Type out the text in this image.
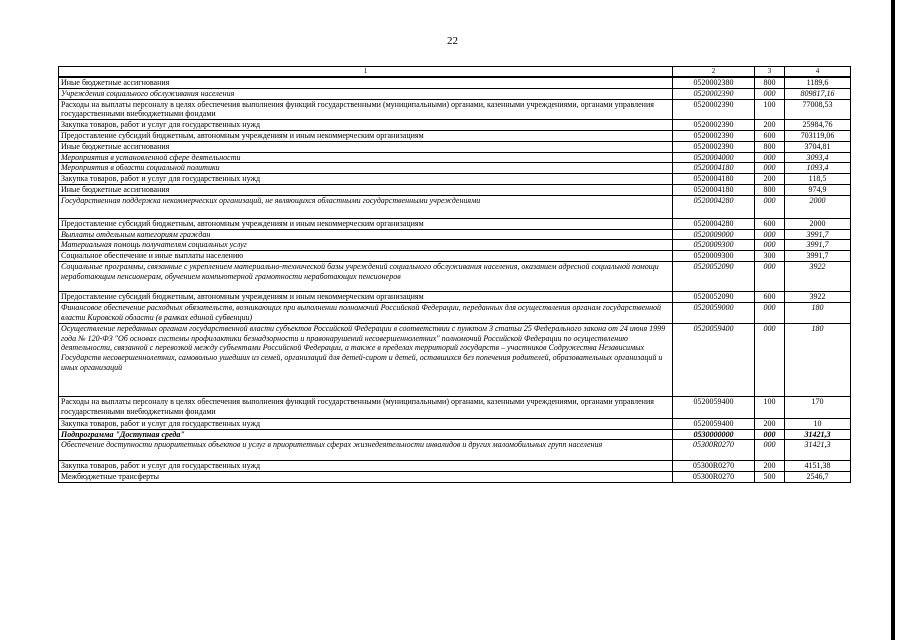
22
1	2	3	4
Иные бюджетные ассигнования	0520002380	800	1189,6
Учреждения социального обслуживания населения	0520002390	000	809817,16
Расходы на выплаты персоналу в целях обеспечения выполнения функций государственными (муниципальными) органами, казенными учреждениями, органами управления государственными внебюджетными фондами	0520002390	100	77008,53
Закупка товаров, работ и услуг для государственных нужд	0520002390	200	25984,76
Предоставление субсидий бюджетным, автономным учреждениям и иным некоммерческим организациям	0520002390	600	703119,06
Иные бюджетные ассигнования	0520002390	800	3704,81
Мероприятия в установленной сфере деятельности	0520004000	000	3093,4
Мероприятия в области социальной политики	0520004180	000	1093,4
Закупка товаров, работ и услуг для государственных нужд	0520004180	200	118,5
Иные бюджетные ассигнования	0520004180	800	974,9
Государственная поддержка некоммерческих организаций, не являющихся областными государственными учреждениями	0520004280	000	2000
Предоставление субсидий бюджетным, автономным учреждениям и иным некоммерческим организациям	0520004280	600	2000
Выплаты отдельным категориям граждан	0520009000	000	3991,7
Материальная помощь получателям социальных услуг	0520009300	000	3991,7
Социальное обеспечение и иные выплаты населению	0520009300	300	3991,7
Социальные программы, связанные с укреплением материально-технической базы учреждений социального обслуживания населения, оказанием адресной социальной помощи неработающим пенсионерам, обучением компьютерной грамотности неработающих пенсионеров	0520052090	000	3922
Предоставление субсидий бюджетным, автономным учреждениям и иным некоммерческим организациям	0520052090	600	3922
Финансовое обеспечение расходных обязательств, возникающих при выполнении полномочий Российской Федерации, переданных для осуществления органам государственной власти Кировской области (в рамках единой субвенции)	0520059000	000	180
Осуществление переданных органам государственной власти субъектов Российской Федерации в соответствии с пунктом 3 статьи 25 Федерального закона от 24 июня 1999 года № 120-ФЗ "Об основах системы профилактики безнадзорности и правонарушений несовершеннолетних" полномочий Российской Федерации по осуществлению деятельности, связанной с перевозкой между субъектами Российской Федерации, а также в пределах территорий государств – участников Содружества Независимых Государств несовершеннолетних, самовольно ушедших из семей, организаций для детей-сирот и детей, оставшихся без попечения родителей, образовательных организаций и иных организаций	0520059400	000	180
Расходы на выплаты персоналу в целях обеспечения выполнения функций государственными (муниципальными) органами, казенными учреждениями, органами управления государственными внебюджетными фондами	0520059400	100	170
Закупка товаров, работ и услуг для государственных нужд	0520059400	200	10
Подпрограмма "Доступная среда"	0530000000	000	31421,3
Обеспечение доступности приоритетных объектов и услуг в приоритетных сферах жизнедеятельности инвалидов и других маломобильных групп населения	05300R0270	000	31421,3
Закупка товаров, работ и услуг для государственных нужд	05300R0270	200	4151,38
Межбюджетные трансферты	05300R0270	500	2546,7
